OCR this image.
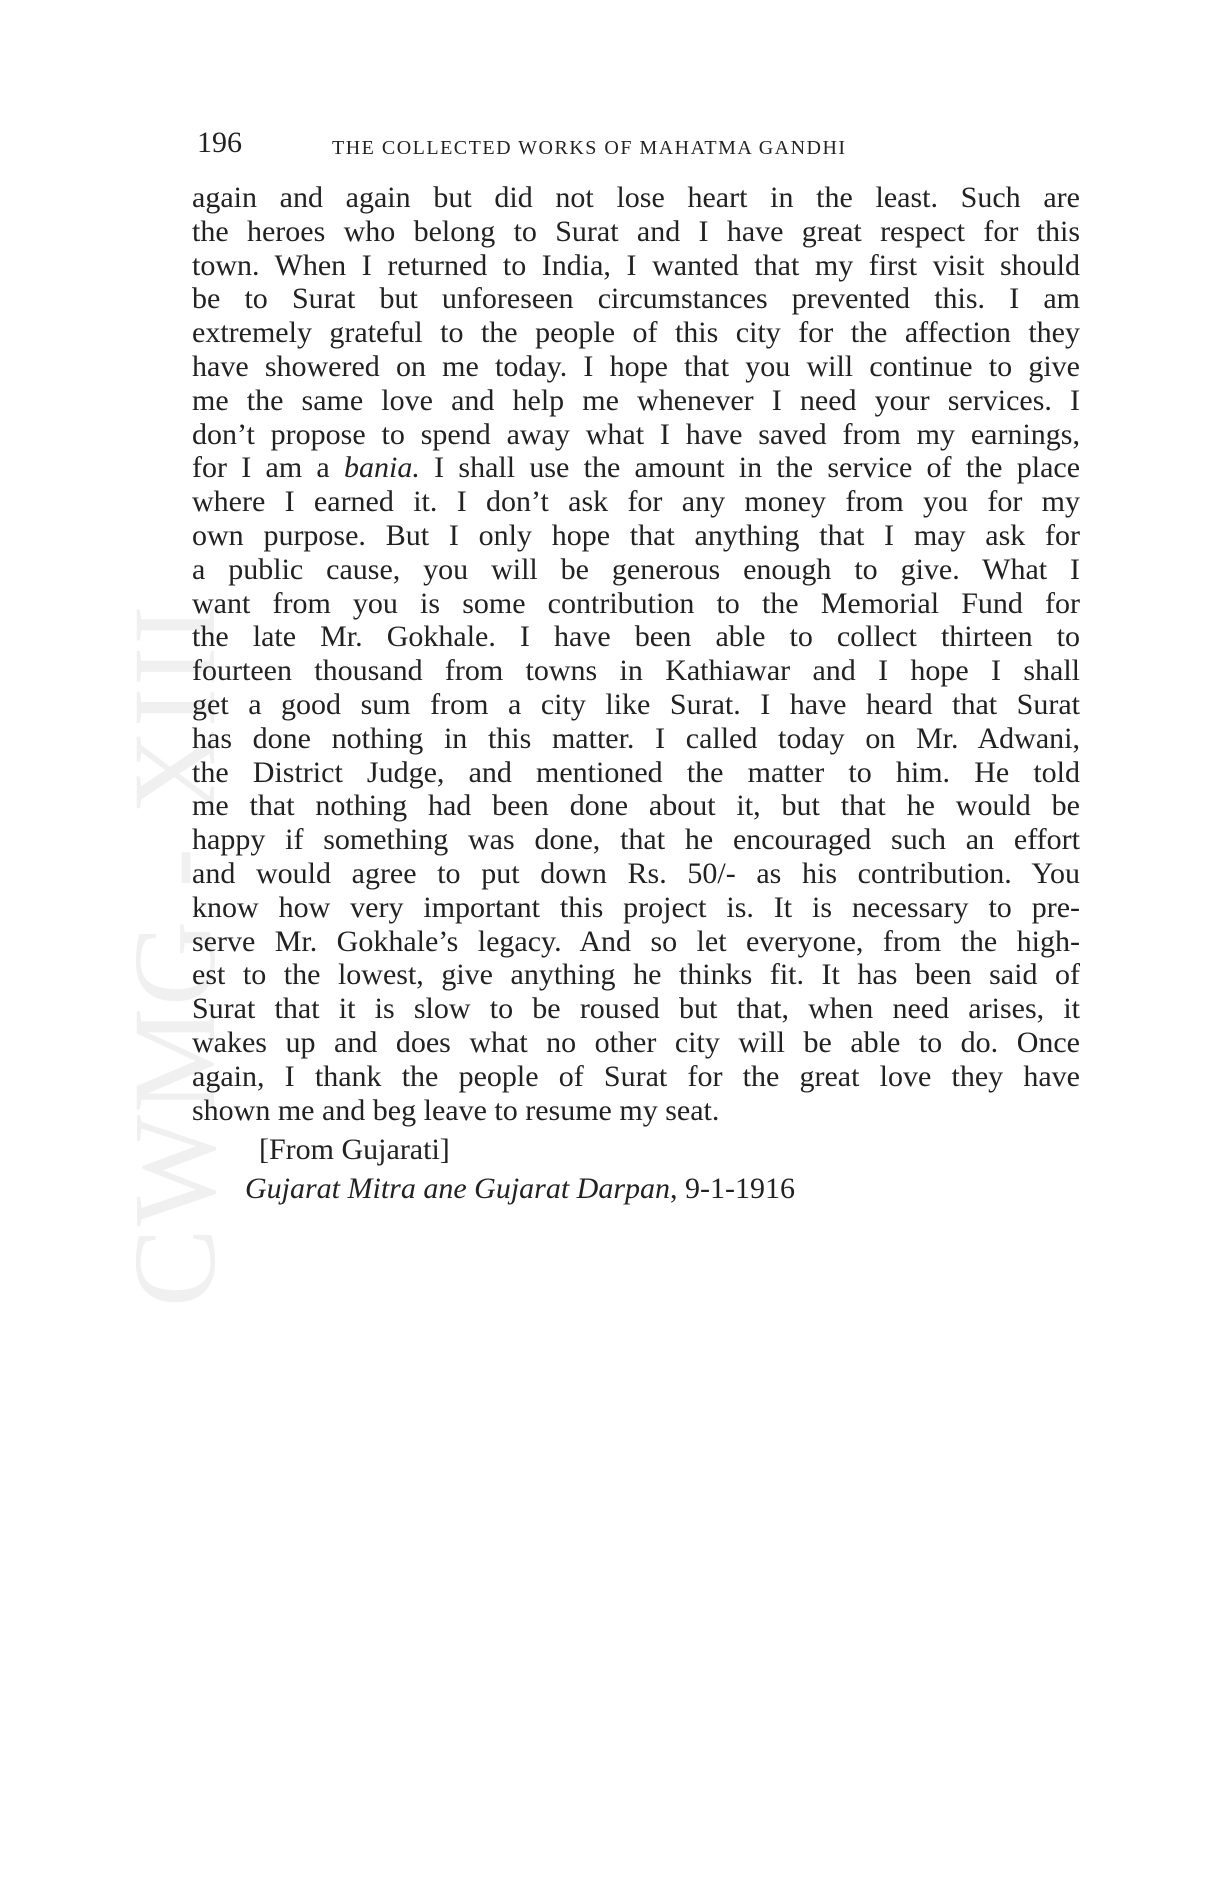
CWMG - XIII
196	THE COLLECTED WORKS OF MAHATMA GANDHI
again and again but did not lose heart in the least. Such are
the heroes who belong to Surat and I have great respect for this
town. When I returned to India, I wanted that my first visit should
be to Surat but unforeseen circumstances prevented this. I am
extremely grateful to the people of this city for the affection they
have showered on me today. I hope that you will continue to give
me the same love and help me whenever I need your services. I
don’t propose to spend away what I have saved from my earnings,
for I am a bania. I shall use the amount in the service of the place
where I earned it. I don’t ask for any money from you for my
own purpose. But I only hope that anything that I may ask for
a public cause, you will be generous enough to give. What I
want from you is some contribution to the Memorial Fund for
the late Mr. Gokhale. I have been able to collect thirteen to
fourteen thousand from towns in Kathiawar and I hope I shall
get a good sum from a city like Surat. I have heard that Surat
has done nothing in this matter. I called today on Mr. Adwani,
the District Judge, and mentioned the matter to him. He told
me that nothing had been done about it, but that he would be
happy if something was done, that he encouraged such an effort
and would agree to put down Rs. 50/- as his contribution. You
know how very important this project is. It is necessary to pre-
serve Mr. Gokhale’s legacy. And so let everyone, from the high-
est to the lowest, give anything he thinks fit. It has been said of
Surat that it is slow to be roused but that, when need arises, it
wakes up and does what no other city will be able to do. Once
again, I thank the people of Surat for the great love they have
shown me and beg leave to resume my seat.
[From Gujarati]
Gujarat Mitra ane Gujarat Darpan, 9-1-1916
